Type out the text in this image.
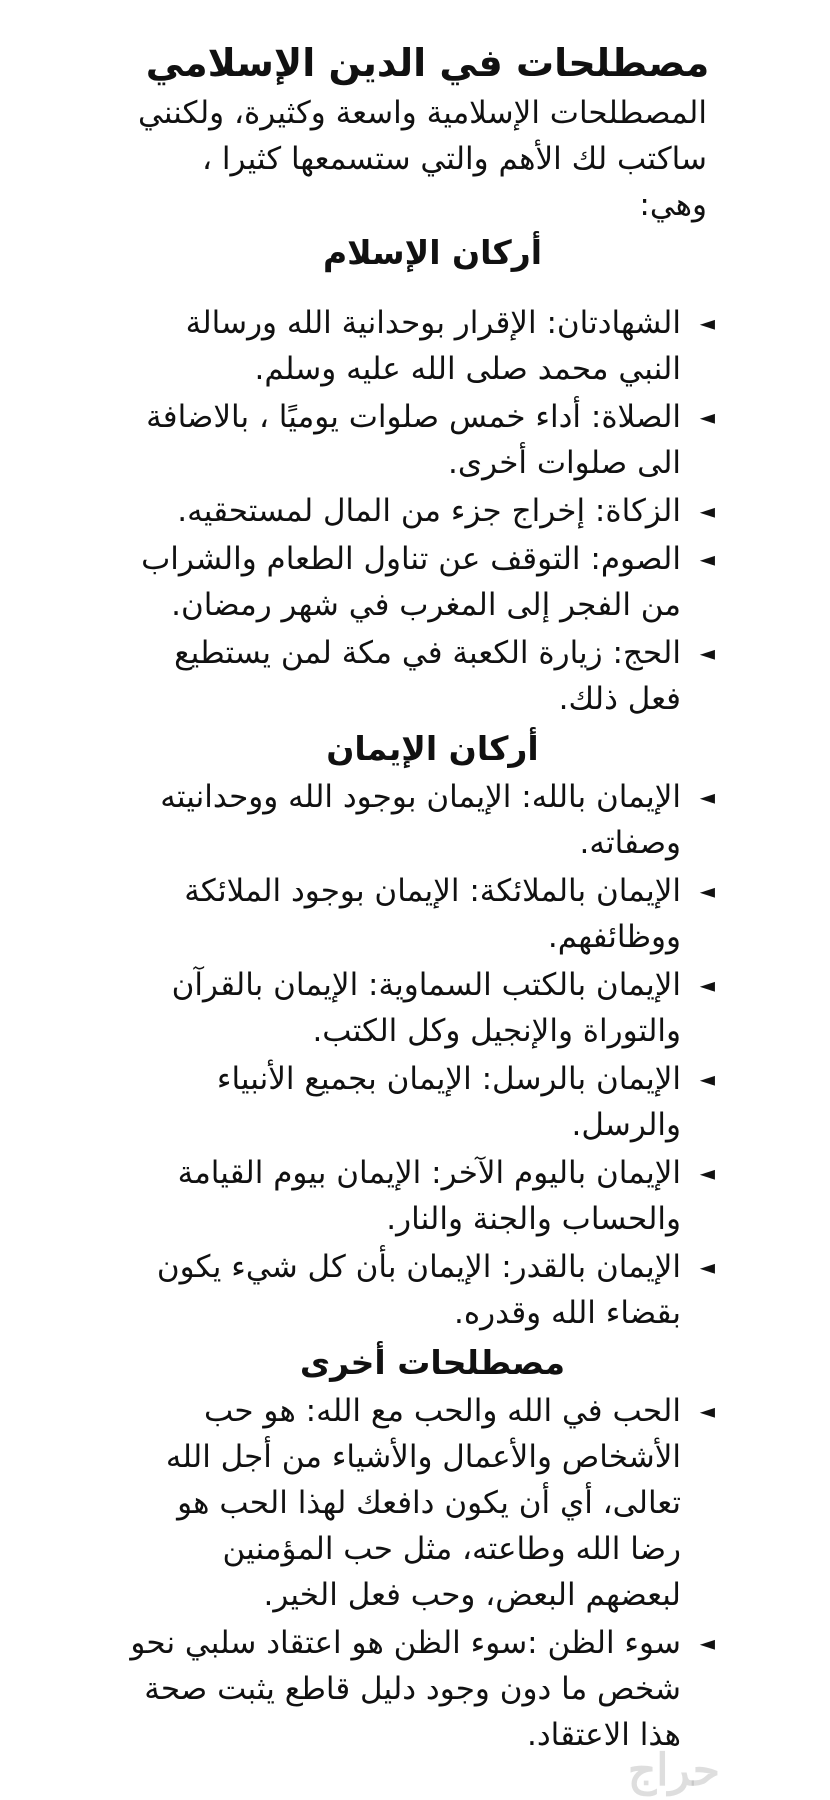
مصطلحات في الدين الإسلامي
المصطلحات الإسلامية واسعة وكثيرة، ولكنني ساكتب لك الأهم والتي ستسمعها كثيرا ، وهي:
أركان الإسلام
◄
الشهادتان: الإقرار بوحدانية الله ورسالة النبي محمد صلى الله عليه وسلم.
◄
الصلاة: أداء خمس صلوات يوميًا ، بالاضافة الى صلوات أخرى.
◄
الزكاة: إخراج جزء من المال لمستحقيه.
◄
الصوم: التوقف عن تناول الطعام والشراب من الفجر إلى المغرب في شهر رمضان.
◄
الحج: زيارة الكعبة في مكة لمن يستطيع فعل ذلك.
أركان الإيمان
◄
الإيمان بالله: الإيمان بوجود الله ووحدانيته وصفاته.
◄
الإيمان بالملائكة: الإيمان بوجود الملائكة ووظائفهم.
◄
الإيمان بالكتب السماوية: الإيمان بالقرآن والتوراة والإنجيل وكل الكتب.
◄
الإيمان بالرسل: الإيمان بجميع الأنبياء والرسل.
◄
الإيمان باليوم الآخر: الإيمان بيوم القيامة والحساب والجنة والنار.
◄
الإيمان بالقدر: الإيمان بأن كل شيء يكون بقضاء الله وقدره.
مصطلحات أخرى
◄
الحب في الله والحب مع الله: هو حب الأشخاص والأعمال والأشياء من أجل الله تعالى، أي أن يكون دافعك لهذا الحب هو رضا الله وطاعته، مثل حب المؤمنين لبعضهم البعض، وحب فعل الخير.
◄
سوء الظن :سوء الظن هو اعتقاد سلبي نحو شخص ما دون وجود دليل قاطع يثبت صحة هذا الاعتقاد.
حراج
